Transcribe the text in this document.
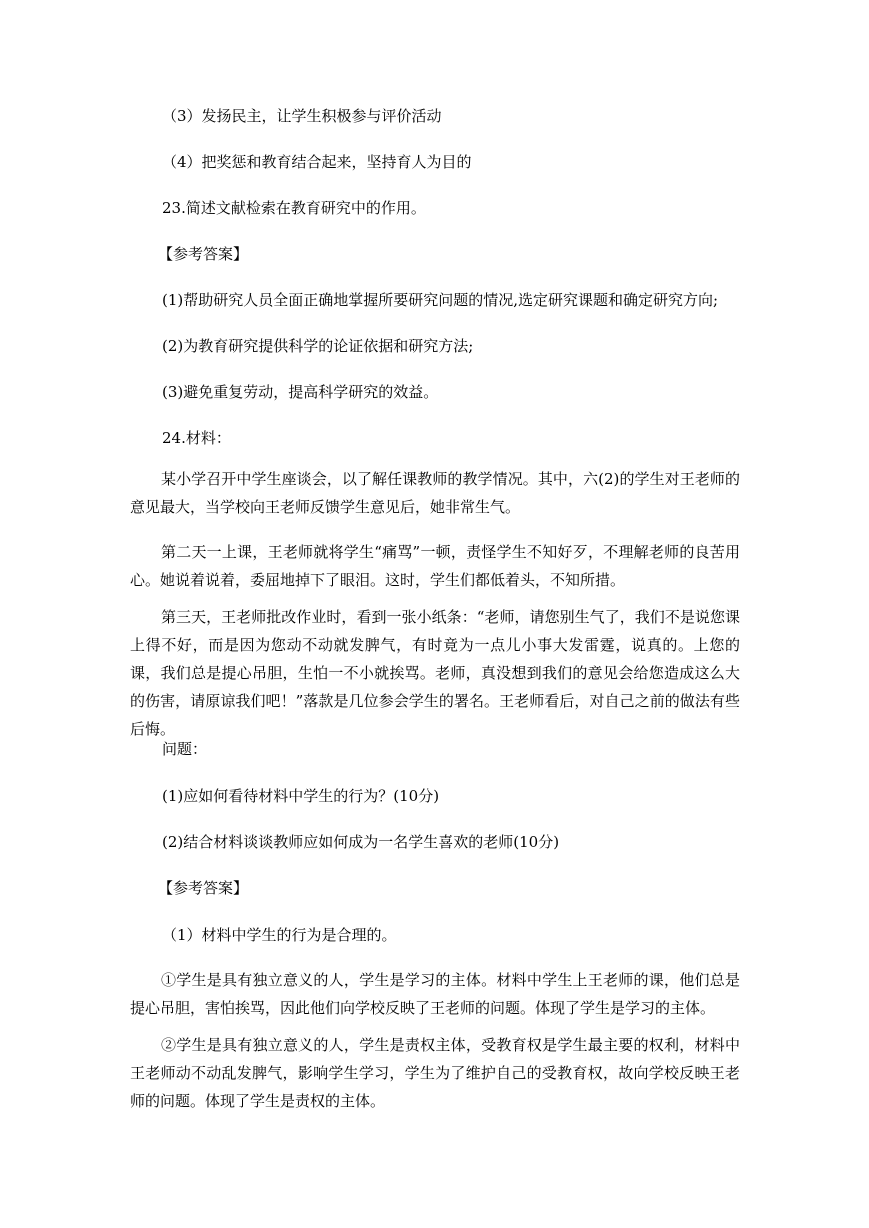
（3）发扬民主，让学生积极参与评价活动
（4）把奖惩和教育结合起来，坚持育人为目的
23.简述文献检索在教育研究中的作用。
【参考答案】
(1)帮助研究人员全面正确地掌握所要研究问题的情况,选定研究课题和确定研究方向;
(2)为教育研究提供科学的论证依据和研究方法;
(3)避免重复劳动，提高科学研究的效益。
24.材料：
某小学召开中学生座谈会，以了解任课教师的教学情况。其中，六(2)的学生对王老师的意见最大，当学校向王老师反馈学生意见后，她非常生气。
第二天一上课，王老师就将学生“痛骂”一顿，责怪学生不知好歹，不理解老师的良苦用心。她说着说着，委屈地掉下了眼泪。这时，学生们都低着头，不知所措。
第三天，王老师批改作业时，看到一张小纸条：“老师，请您别生气了，我们不是说您课上得不好，而是因为您动不动就发脾气，有时竟为一点儿小事大发雷霆，说真的。上您的课，我们总是提心吊胆，生怕一不小就挨骂。老师，真没想到我们的意见会给您造成这么大的伤害，请原谅我们吧！”落款是几位参会学生的署名。王老师看后，对自己之前的做法有些后悔。
问题：
(1)应如何看待材料中学生的行为？(10分)
(2)结合材料谈谈教师应如何成为一名学生喜欢的老师(10分)
【参考答案】
（1）材料中学生的行为是合理的。
①学生是具有独立意义的人，学生是学习的主体。材料中学生上王老师的课，他们总是提心吊胆，害怕挨骂，因此他们向学校反映了王老师的问题。体现了学生是学习的主体。
②学生是具有独立意义的人，学生是责权主体，受教育权是学生最主要的权利，材料中王老师动不动乱发脾气，影响学生学习，学生为了维护自己的受教育权，故向学校反映王老师的问题。体现了学生是责权的主体。
